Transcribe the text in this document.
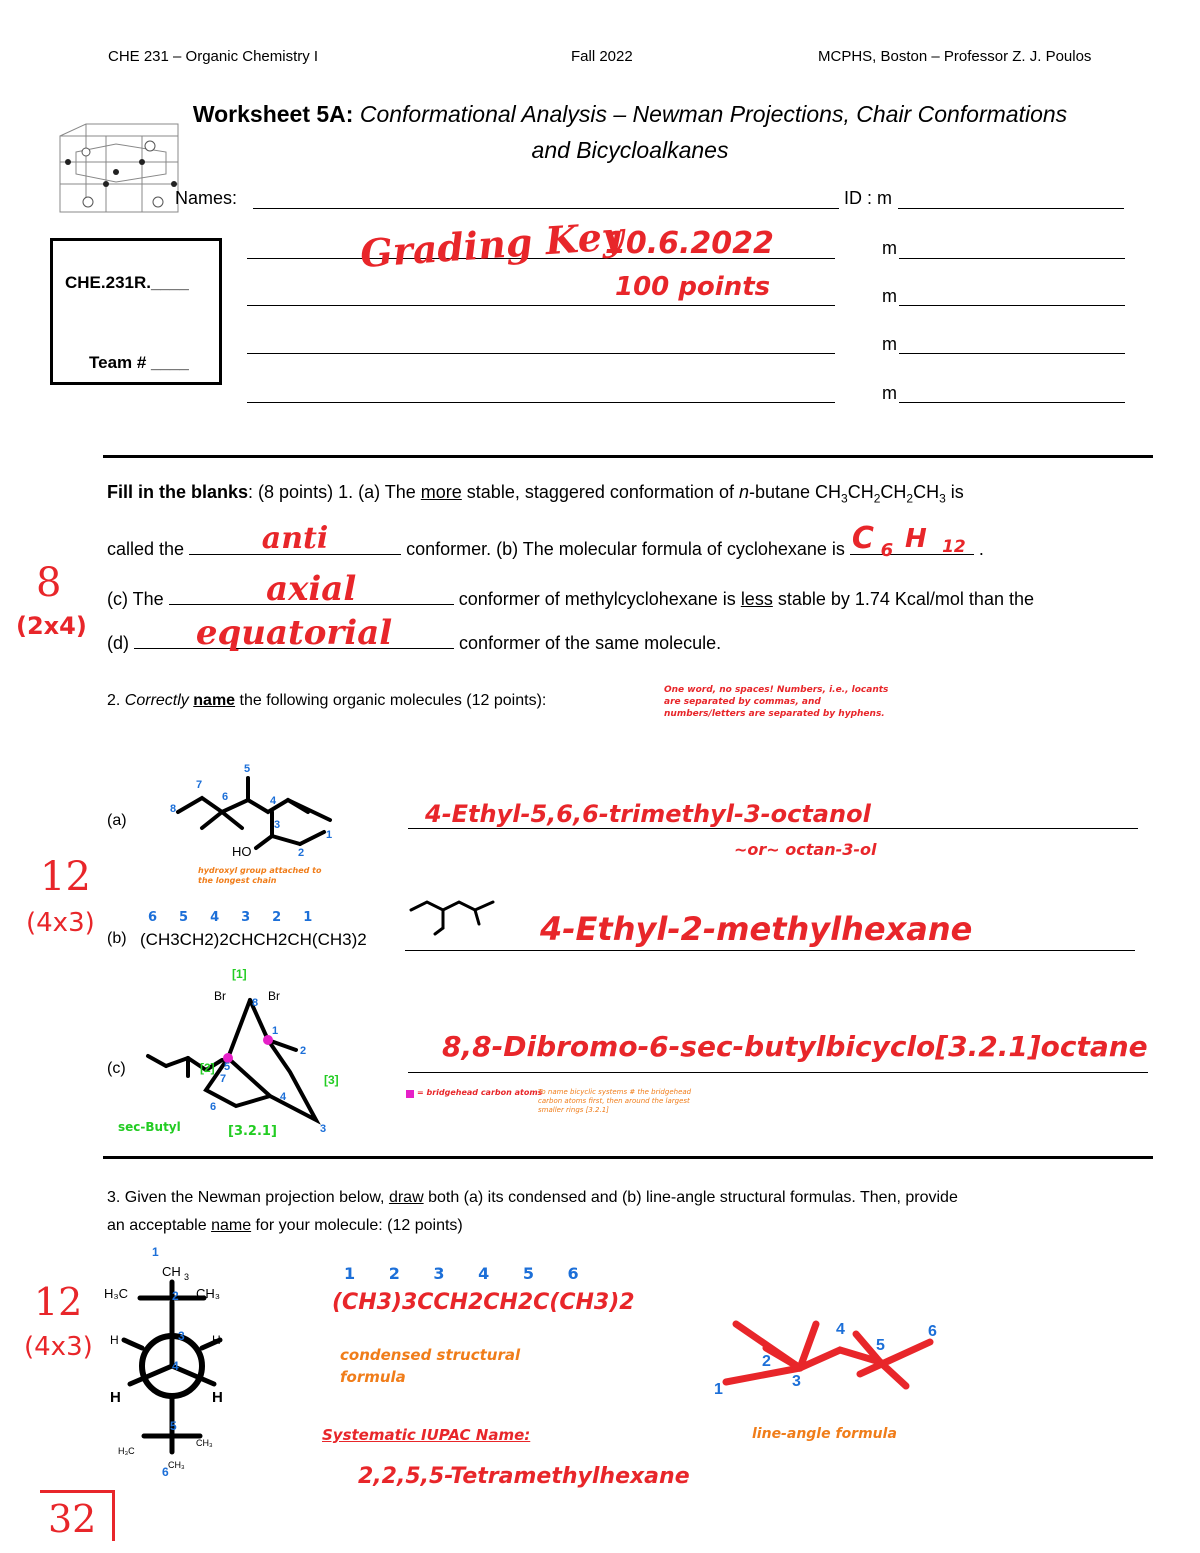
CHE 231 – Organic Chemistry I	Fall 2022	MCPHS, Boston – Professor Z. J. Poulos
Worksheet 5A: Conformational Analysis – Newman Projections, Chair Conformations
and Bicycloalkanes
Names:	ID : m
m
m
m
m
CHE.231R.____
Team # ____
Grading Key
10.6.2022
100 points
Fill in the blanks: (8 points) 1. (a) The more stable, staggered conformation of n-butane $CH_3CH_2CH_2CH_3$ is
called the	anti	conformer. (b) The molecular formula of cyclohexane is C 6 H 12 .
(c) The	axial	conformer of methylcyclohexane is less stable by 1.74 Kcal/mol than the
(d)	equatorial	conformer of the same molecule.
8
(2x4)
2. Correctly name the following organic molecules (12 points):
One word, no spaces! Numbers, i.e., locants are separated by commas, and numbers/letters are separated by hyphens.
(a)
HO
8
7
6
5
4
3
2
1
hydroxyl group attached to the longest chain
4-Ethyl-5,6,6-trimethyl-3-octanol
~or~ octan-3-ol
(b) (CH3CH2)2CHCH2CH(CH3)2
654321	4-Ethyl-2-methylhexane
(c)
Br	Br
8
1
2
3
4
5
6
7
[1]
[2]
[3]
[3.2.1]
sec-Butyl
8,8-Dibromo-6-sec-butylbicyclo[3.2.1]octane
= bridgehead carbon atoms
To name bicyclic systems # the bridgehead carbon atoms first, then around the largest smaller rings [3.2.1]
12
(4x3)
3. Given the Newman projection below, draw both (a) its condensed and (b) line-angle structural formulas. Then, provide
an acceptable name for your molecule: (12 points)
CH 3
H₃C	CH₃
H	H
H	H
H₃C
CH₃
CH₃
1
2
3
4
5
6
(CH3)3CCH2CH2C(CH3)2
1 2 3 4 5 6
condensed structural formula
Systematic IUPAC Name:
2,2,5,5-Tetramethylhexane
1
2
3
4
5
6
line-angle formula
12
(4x3)
32
